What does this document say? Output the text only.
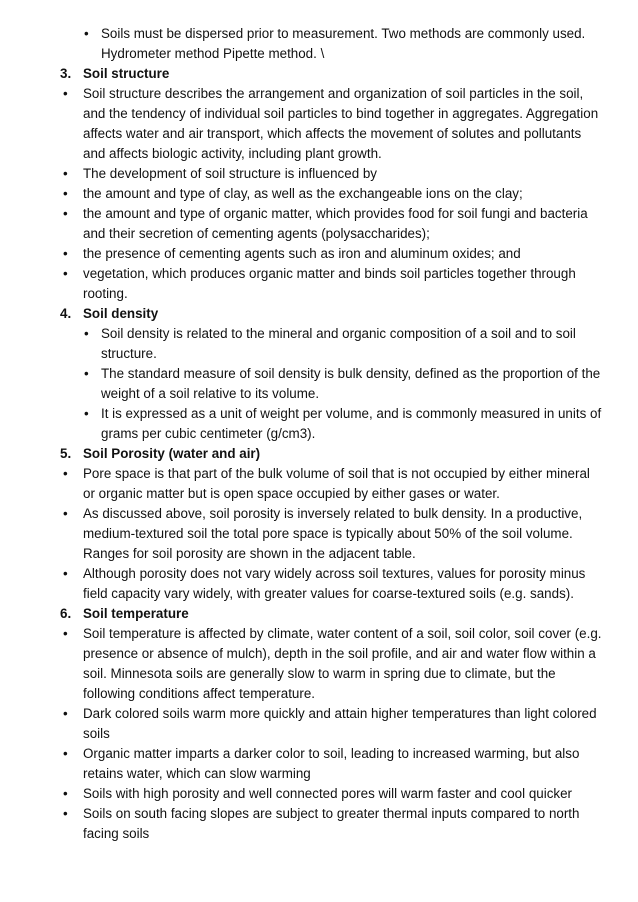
• Soils must be dispersed prior to measurement. Two methods are commonly used. Hydrometer method Pipette method. \

3. Soil structure

• Soil structure describes the arrangement and organization of soil particles in the soil, and the tendency of individual soil particles to bind together in aggregates. Aggregation affects water and air transport, which affects the movement of solutes and pollutants and affects biologic activity, including plant growth.

• The development of soil structure is influenced by

• the amount and type of clay, as well as the exchangeable ions on the clay;

• the amount and type of organic matter, which provides food for soil fungi and bacteria and their secretion of cementing agents (polysaccharides);

• the presence of cementing agents such as iron and aluminum oxides; and

• vegetation, which produces organic matter and binds soil particles together through rooting.

4. Soil density

• Soil density is related to the mineral and organic composition of a soil and to soil structure.

• The standard measure of soil density is bulk density, defined as the proportion of the weight of a soil relative to its volume.

• It is expressed as a unit of weight per volume, and is commonly measured in units of grams per cubic centimeter (g/cm3).

5. Soil Porosity (water and air)

• Pore space is that part of the bulk volume of soil that is not occupied by either mineral or organic matter but is open space occupied by either gases or water.

• As discussed above, soil porosity is inversely related to bulk density. In a productive, medium-textured soil the total pore space is typically about 50% of the soil volume. Ranges for soil porosity are shown in the adjacent table.

• Although porosity does not vary widely across soil textures, values for porosity minus field capacity vary widely, with greater values for coarse-textured soils (e.g. sands).

6. Soil temperature

• Soil temperature is affected by climate, water content of a soil, soil color, soil cover (e.g. presence or absence of mulch), depth in the soil profile, and air and water flow within a soil. Minnesota soils are generally slow to warm in spring due to climate, but the following conditions affect temperature.

• Dark colored soils warm more quickly and attain higher temperatures than light colored soils

• Organic matter imparts a darker color to soil, leading to increased warming, but also retains water, which can slow warming

• Soils with high porosity and well connected pores will warm faster and cool quicker

• Soils on south facing slopes are subject to greater thermal inputs compared to north facing soils
